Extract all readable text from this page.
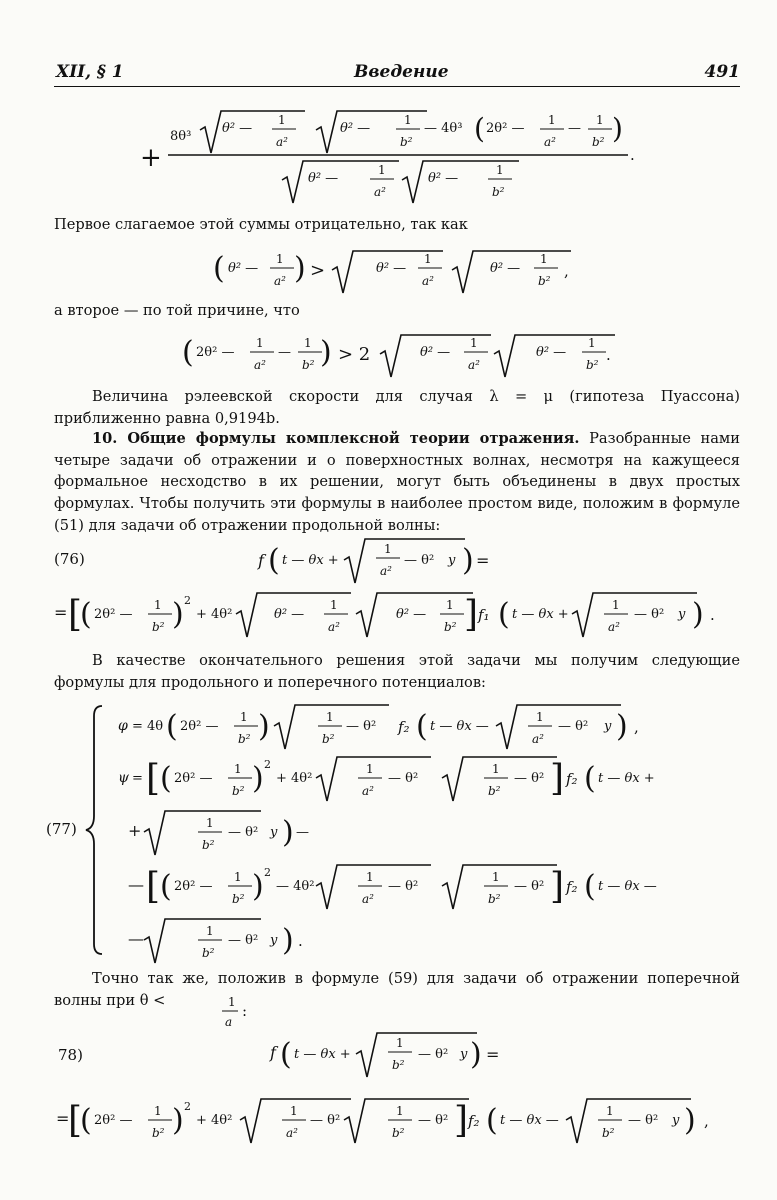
XII, § 1	Введение	491
+
8θ³
θ² —
1
a²
θ² —
1
b²
— 4θ³ ( 2θ² —
1
a²
—
1
b² )
.
θ² —
1
a²
θ² —
1
b²
( θ² —
1
a² ) >	θ² —
1
a²
θ² —
1
b²
,
( 2θ² —
1
a²
—
1
b² ) > 2	θ² —
1
a²
θ² —
1
b²
.
f ( t — θx +
1
a²
— θ² y ) =
= [
( 2θ² —
1
b² ) 2
+ 4θ²	θ² —
1
a²
θ² —
1
b² ] f₁ ( t — θx +
1
a²
— θ² y ) .
φ = 4θ ( 2θ² —
1
b² )	1
b²
— θ² f₂ ( t — θx —
1
a²
— θ² y ) ,
ψ = [ ( 2θ² —
1
b² ) 2
+ 4θ²
1
a²
— θ²
1
b²
— θ² ] f₂ ( t — θx +
+	1
b²
— θ² y ) —
— [ ( 2θ² —
1
b² ) 2
— 4θ²
1
a²
— θ²
1
b²
— θ² ] f₂ ( t — θx —
—	1
b²
— θ² y ) .
1
a
:
f ( t — θx +
1
b²
— θ² y ) =
=
[
( 2θ² —
1
b² ) 2
+ 4θ²
1
a²
— θ²
1
b²
— θ² ] f₂ ( t — θx —
1
b²
— θ² y ) ,

Первое слагаемое этой суммы отрицательно, так как

а второе — по той причине, что

Величина рэлеевской скорости для случая λ = μ (гипотеза Пуассона) приближенно равна 0,9194b.

10. Общие формулы комплексной теории отражения. Разобранные нами четыре задачи об отражении и о поверхностных волнах, несмотря на кажущееся формальное несходство в их решении, могут быть объединены в двух простых формулах. Чтобы получить эти формулы в наиболее простом виде, положим в формуле (51) для задачи об отражении продольной волны:

В качестве окончательного решения этой задачи мы получим следующие формулы для продольного и поперечного потенциалов:

Точно так же, положив в формуле (59) для задачи об отражении поперечной волны при θ <

(76)
(77)
78)
